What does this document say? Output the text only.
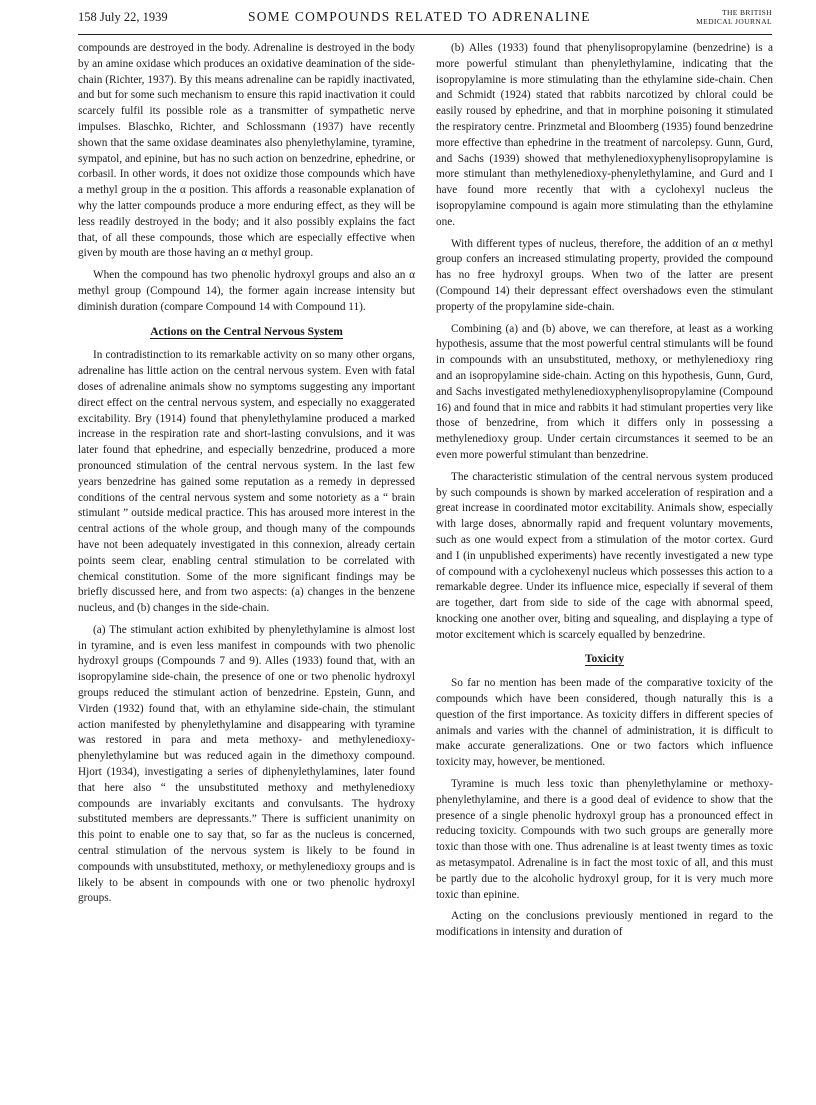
158 July 22, 1939	SOME COMPOUNDS RELATED TO ADRENALINE	THE BRITISH
MEDICAL JOURNAL

compounds are destroyed in the body. Adrenaline is destroyed in the body by an amine oxidase which produces an oxidative deamination of the side-chain (Richter, 1937). By this means adrenaline can be rapidly inactivated, and but for some such mechanism to ensure this rapid inactivation it could scarcely fulfil its possible role as a transmitter of sympathetic nerve impulses. Blaschko, Richter, and Schlossmann (1937) have recently shown that the same oxidase deaminates also phenylethylamine, tyramine, sympatol, and epinine, but has no such action on benzedrine, ephedrine, or corbasil. In other words, it does not oxidize those compounds which have a methyl group in the α position. This affords a reasonable explanation of why the latter compounds produce a more enduring effect, as they will be less readily destroyed in the body; and it also possibly explains the fact that, of all these compounds, those which are especially effective when given by mouth are those having an α methyl group.

When the compound has two phenolic hydroxyl groups and also an α methyl group (Compound 14), the former again increase intensity but diminish duration (compare Compound 14 with Compound 11).

Actions on the Central Nervous System

In contradistinction to its remarkable activity on so many other organs, adrenaline has little action on the central nervous system. Even with fatal doses of adrenaline animals show no symptoms suggesting any important direct effect on the central nervous system, and especially no exaggerated excitability. Bry (1914) found that phenylethylamine produced a marked increase in the respiration rate and short-lasting convulsions, and it was later found that ephedrine, and especially benzedrine, produced a more pronounced stimulation of the central nervous system. In the last few years benzedrine has gained some reputation as a remedy in depressed conditions of the central nervous system and some notoriety as a “ brain stimulant ” outside medical practice. This has aroused more interest in the central actions of the whole group, and though many of the compounds have not been adequately investigated in this connexion, already certain points seem clear, enabling central stimulation to be correlated with chemical constitution. Some of the more significant findings may be briefly discussed here, and from two aspects: (a) changes in the benzene nucleus, and (b) changes in the side-chain.

(a) The stimulant action exhibited by phenylethylamine is almost lost in tyramine, and is even less manifest in compounds with two phenolic hydroxyl groups (Compounds 7 and 9). Alles (1933) found that, with an isopropylamine side-chain, the presence of one or two phenolic hydroxyl groups reduced the stimulant action of benzedrine. Epstein, Gunn, and Virden (1932) found that, with an ethylamine side-chain, the stimulant action manifested by phenylethylamine and disappearing with tyramine was restored in para and meta methoxy- and methylenedioxy-phenylethylamine but was reduced again in the dimethoxy compound. Hjort (1934), investigating a series of diphenylethylamines, later found that here also “ the unsubstituted methoxy and methylenedioxy compounds are invariably excitants and convulsants. The hydroxy substituted members are depressants.” There is sufficient unanimity on this point to enable one to say that, so far as the nucleus is concerned, central stimulation of the nervous system is likely to be found in compounds with unsubstituted, methoxy, or methylenedioxy groups and is likely to be absent in compounds with one or two phenolic hydroxyl groups.

(b) Alles (1933) found that phenylisopropylamine (benzedrine) is a more powerful stimulant than phenylethylamine, indicating that the isopropylamine is more stimulating than the ethylamine side-chain. Chen and Schmidt (1924) stated that rabbits narcotized by chloral could be easily roused by ephedrine, and that in morphine poisoning it stimulated the respiratory centre. Prinzmetal and Bloomberg (1935) found benzedrine more effective than ephedrine in the treatment of narcolepsy. Gunn, Gurd, and Sachs (1939) showed that methylenedioxyphenylisopropylamine is more stimulant than methylenedioxy-phenylethylamine, and Gurd and I have found more recently that with a cyclohexyl nucleus the isopropylamine compound is again more stimulating than the ethylamine one.

With different types of nucleus, therefore, the addition of an α methyl group confers an increased stimulating property, provided the compound has no free hydroxyl groups. When two of the latter are present (Compound 14) their depressant effect overshadows even the stimulant property of the propylamine side-chain.

Combining (a) and (b) above, we can therefore, at least as a working hypothesis, assume that the most powerful central stimulants will be found in compounds with an unsubstituted, methoxy, or methylenedioxy ring and an isopropylamine side-chain. Acting on this hypothesis, Gunn, Gurd, and Sachs investigated methylenedioxyphenylisopropylamine (Compound 16) and found that in mice and rabbits it had stimulant properties very like those of benzedrine, from which it differs only in possessing a methylenedioxy group. Under certain circumstances it seemed to be an even more powerful stimulant than benzedrine.

The characteristic stimulation of the central nervous system produced by such compounds is shown by marked acceleration of respiration and a great increase in coordinated motor excitability. Animals show, especially with large doses, abnormally rapid and frequent voluntary movements, such as one would expect from a stimulation of the motor cortex. Gurd and I (in unpublished experiments) have recently investigated a new type of compound with a cyclohexenyl nucleus which possesses this action to a remarkable degree. Under its influence mice, especially if several of them are together, dart from side to side of the cage with abnormal speed, knocking one another over, biting and squealing, and displaying a type of motor excitement which is scarcely equalled by benzedrine.

Toxicity

So far no mention has been made of the comparative toxicity of the compounds which have been considered, though naturally this is a question of the first importance. As toxicity differs in different species of animals and varies with the channel of administration, it is difficult to make accurate generalizations. One or two factors which influence toxicity may, however, be mentioned.

Tyramine is much less toxic than phenylethylamine or methoxy-phenylethylamine, and there is a good deal of evidence to show that the presence of a single phenolic hydroxyl group has a pronounced effect in reducing toxicity. Compounds with two such groups are generally more toxic than those with one. Thus adrenaline is at least twenty times as toxic as metasympatol. Adrenaline is in fact the most toxic of all, and this must be partly due to the alcoholic hydroxyl group, for it is very much more toxic than epinine.

Acting on the conclusions previously mentioned in regard to the modifications in intensity and duration of
